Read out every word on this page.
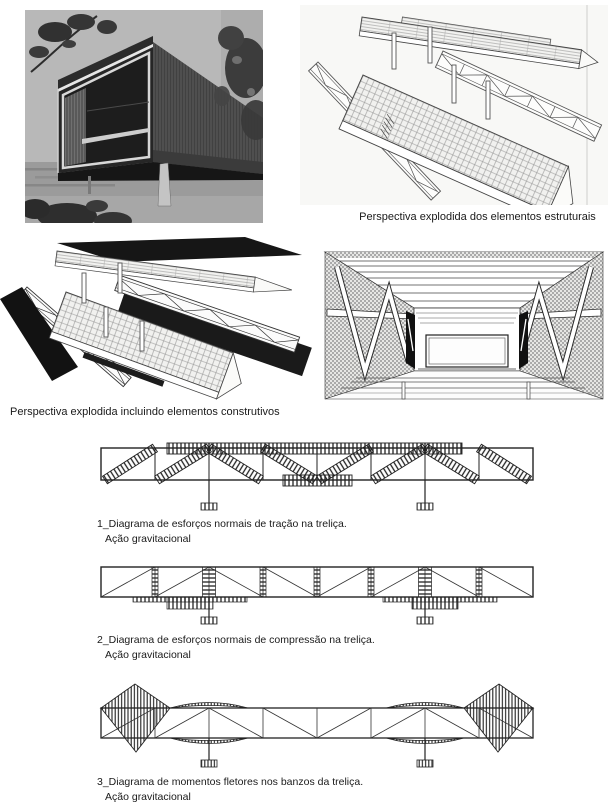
Perspectiva explodida dos elementos estruturais
Perspectiva explodida incluindo elementos construtivos
1_Diagrama de esforços normais de tração na treliça.
Ação gravitacional
2_Diagrama de esforços normais de compressão na treliça.
Ação gravitacional
3_Diagrama de momentos fletores nos banzos da treliça.
Ação gravitacional
